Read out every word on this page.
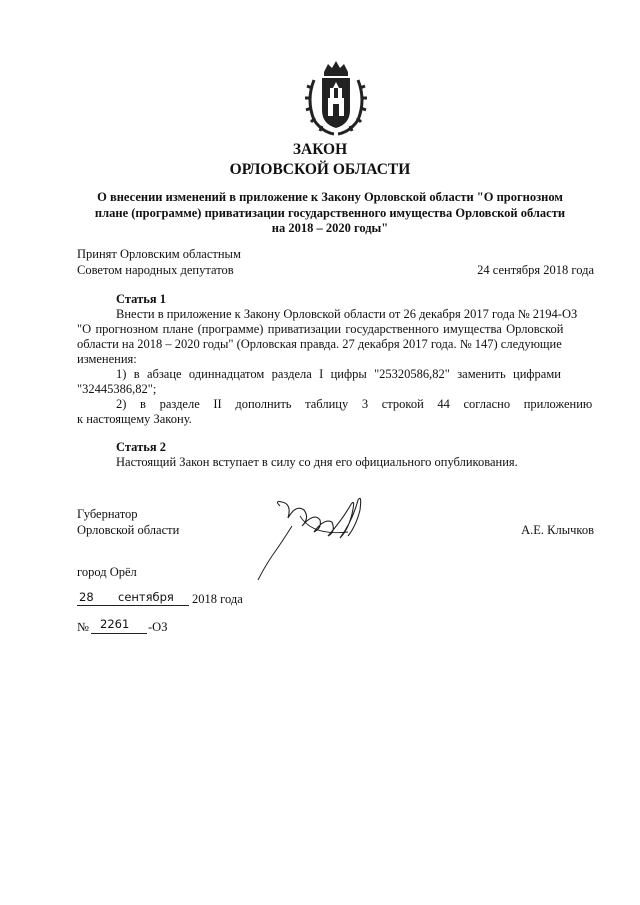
ЗАКОН
ОРЛОВСКОЙ ОБЛАСТИ
О внесении изменений в приложение к Закону Орловской области "О прогнозном
плане (программе) приватизации государственного имущества Орловской области
на 2018 – 2020 годы"
Принят Орловским областным
Советом народных депутатов	24 сентября 2018 года
Статья 1
Внести в приложение к Закону Орловской области от 26 декабря 2017 года № 2194-ОЗ
"О прогнозном плане (программе) приватизации государственного имущества Орловской
области на 2018 – 2020 годы" (Орловская правда. 27 декабря 2017 года. № 147) следующие
изменения:
1) в абзаце одиннадцатом раздела I цифры "25320586,82" заменить цифрами
"32445386,82";
2) в разделе II дополнить таблицу 3 строкой 44 согласно приложению
к настоящему Закону.
Статья 2
Настоящий Закон вступает в силу со дня его официального опубликования.
Губернатор
Орловской области	А.Е. Клычков
город Орёл
28 сентября 2018 года
№ 2261 -ОЗ
